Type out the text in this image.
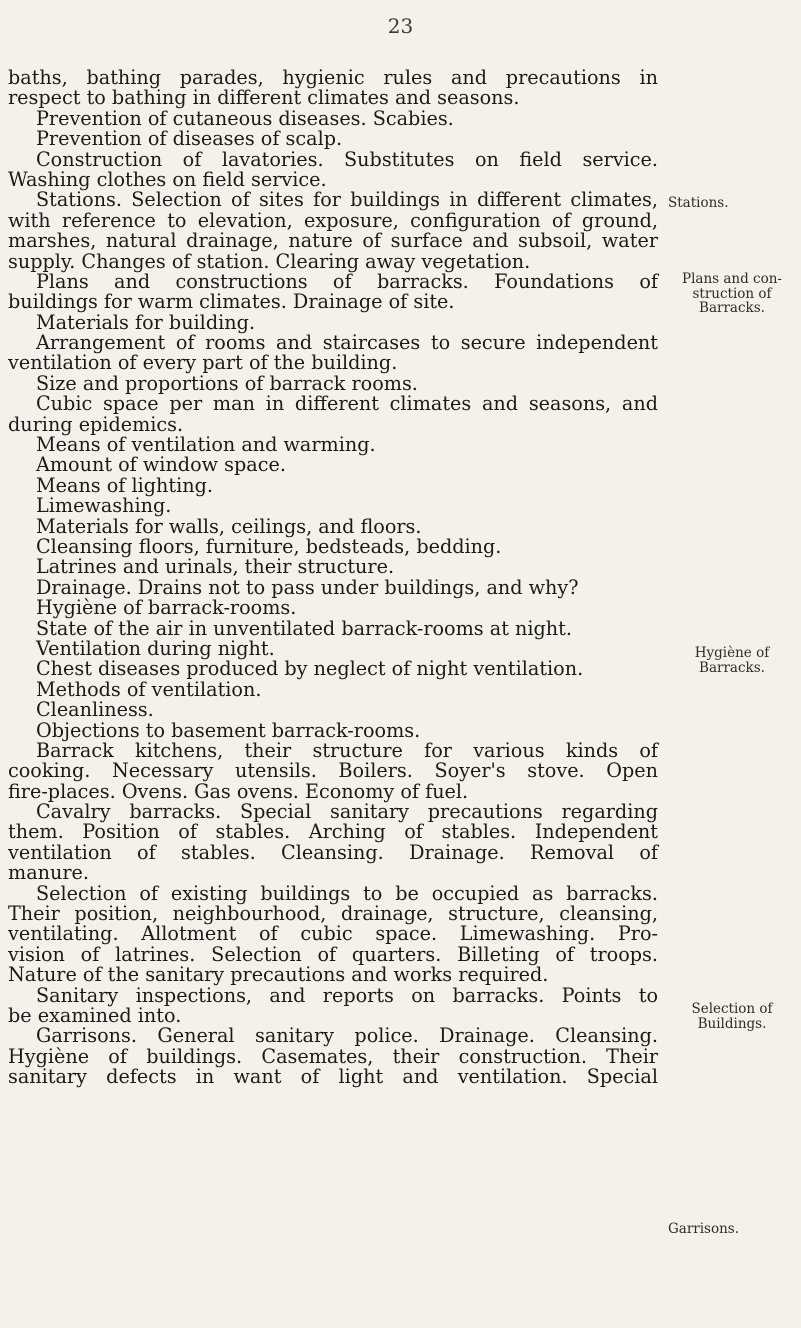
23
baths, bathing parades, hygienic rules and precautions in
respect to bathing in different climates and seasons.
Prevention of cutaneous diseases. Scabies.
Prevention of diseases of scalp.
Construction of lavatories. Substitutes on field service.
Washing clothes on field service.
Stations. Selection of sites for buildings in different climates,
with reference to elevation, exposure, configuration of ground,
marshes, natural drainage, nature of surface and subsoil, water
supply. Changes of station. Clearing away vegetation.
Plans and constructions of barracks. Foundations of
buildings for warm climates. Drainage of site.
Materials for building.
Arrangement of rooms and staircases to secure independent
ventilation of every part of the building.
Size and proportions of barrack rooms.
Cubic space per man in different climates and seasons, and
during epidemics.
Means of ventilation and warming.
Amount of window space.
Means of lighting.
Limewashing.
Materials for walls, ceilings, and floors.
Cleansing floors, furniture, bedsteads, bedding.
Latrines and urinals, their structure.
Drainage. Drains not to pass under buildings, and why?
Hygiène of barrack-rooms.
State of the air in unventilated barrack-rooms at night.
Ventilation during night.
Chest diseases produced by neglect of night ventilation.
Methods of ventilation.
Cleanliness.
Objections to basement barrack-rooms.
Barrack kitchens, their structure for various kinds of
cooking. Necessary utensils. Boilers. Soyer's stove. Open
fire-places. Ovens. Gas ovens. Economy of fuel.
Cavalry barracks. Special sanitary precautions regarding
them. Position of stables. Arching of stables. Independent
ventilation of stables. Cleansing. Drainage. Removal of
manure.
Selection of existing buildings to be occupied as barracks.
Their position, neighbourhood, drainage, structure, cleansing,
ventilating. Allotment of cubic space. Limewashing. Pro-
vision of latrines. Selection of quarters. Billeting of troops.
Nature of the sanitary precautions and works required.
Sanitary inspections, and reports on barracks. Points to
be examined into.
Garrisons. General sanitary police. Drainage. Cleansing.
Hygiène of buildings. Casemates, their construction. Their
sanitary defects in want of light and ventilation. Special
Stations.
Plans and con-
struction of
Barracks.
Hygiène of
Barracks.
Selection of
Buildings.
Garrisons.
